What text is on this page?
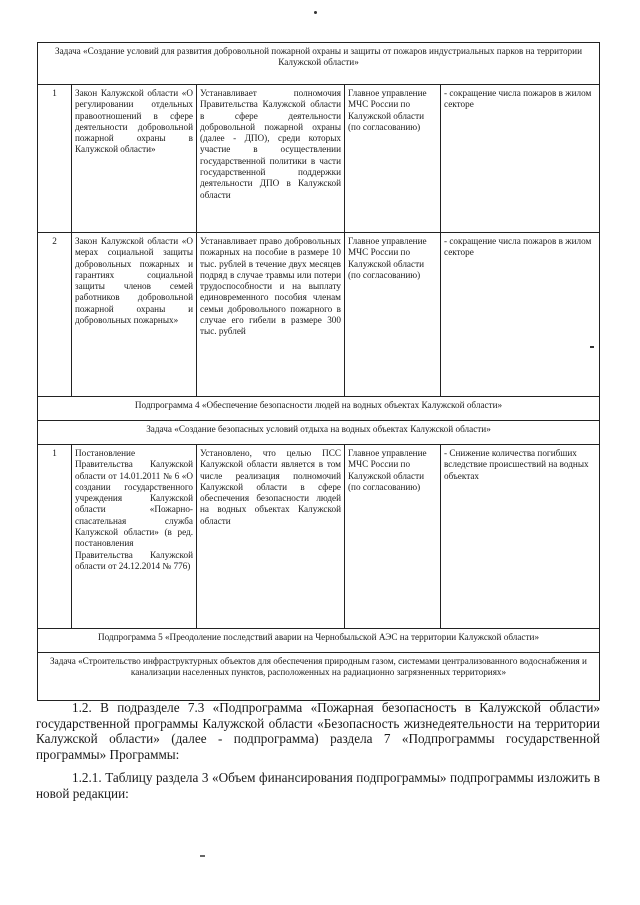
Задача «Создание условий для развития добровольной пожарной охраны и защиты от пожаров индустриальных парков на территории Калужской области»				
1	Закон Калужской области «О регулировании отдельных правоотношений в сфере деятельности добровольной пожарной охраны в Калужской области»	Устанавливает полномочия Правительства Калужской области в сфере деятельности добровольной пожарной охраны (далее - ДПО), среди которых участие в осуществлении государственной политики в части государственной поддержки деятельности ДПО в Калужской области	Главное управление МЧС России по Калужской области (по согласованию)	- сокращение числа пожаров в жилом секторе
2	Закон Калужской области «О мерах социальной защиты добровольных пожарных и гарантиях социальной защиты членов семей работников добровольной пожарной охраны и добровольных пожарных»	Устанавливает право добровольных пожарных на пособие в размере 10 тыс. рублей в течение двух месяцев подряд в случае травмы или потери трудоспособности и на выплату единовременного пособия членам семьи добровольного пожарного в случае его гибели в размере 300 тыс. рублей	Главное управление МЧС России по Калужской области (по согласованию)	- сокращение числа пожаров в жилом секторе
Подпрограмма 4 «Обеспечение безопасности людей на водных объектах Калужской области»				
Задача «Создание безопасных условий отдыха на водных объектах Калужской области»				
1	Постановление Правительства Калужской области от 14.01.2011 № 6 «О создании государственного учреждения Калужской области «Пожарно-спасательная служба Калужской области» (в ред. постановления Правительства Калужской области от 24.12.2014 № 776)	Установлено, что целью ПСС Калужской области является в том числе реализация полномочий Калужской области в сфере обеспечения безопасности людей на водных объектах Калужской области	Главное управление МЧС России по Калужской области (по согласованию)	- Снижение количества погибших вследствие происшествий на водных объектах
Подпрограмма 5 «Преодоление последствий аварии на Чернобыльской АЭС на территории Калужской области»				
Задача «Строительство инфраструктурных объектов для обеспечения природным газом, системами централизованного водоснабжения и канализации населенных пунктов, расположенных на радиационно загрязненных территориях»				

1.2. В подразделе 7.3 «Подпрограмма «Пожарная безопасность в Калужской области» государственной программы Калужской области «Безопасность жизнедеятельности на территории Калужской области» (далее - подпрограмма) раздела 7 «Подпрограммы государственной программы» Программы:

1.2.1. Таблицу раздела 3 «Объем финансирования подпрограммы» подпрограммы изложить в новой редакции:
